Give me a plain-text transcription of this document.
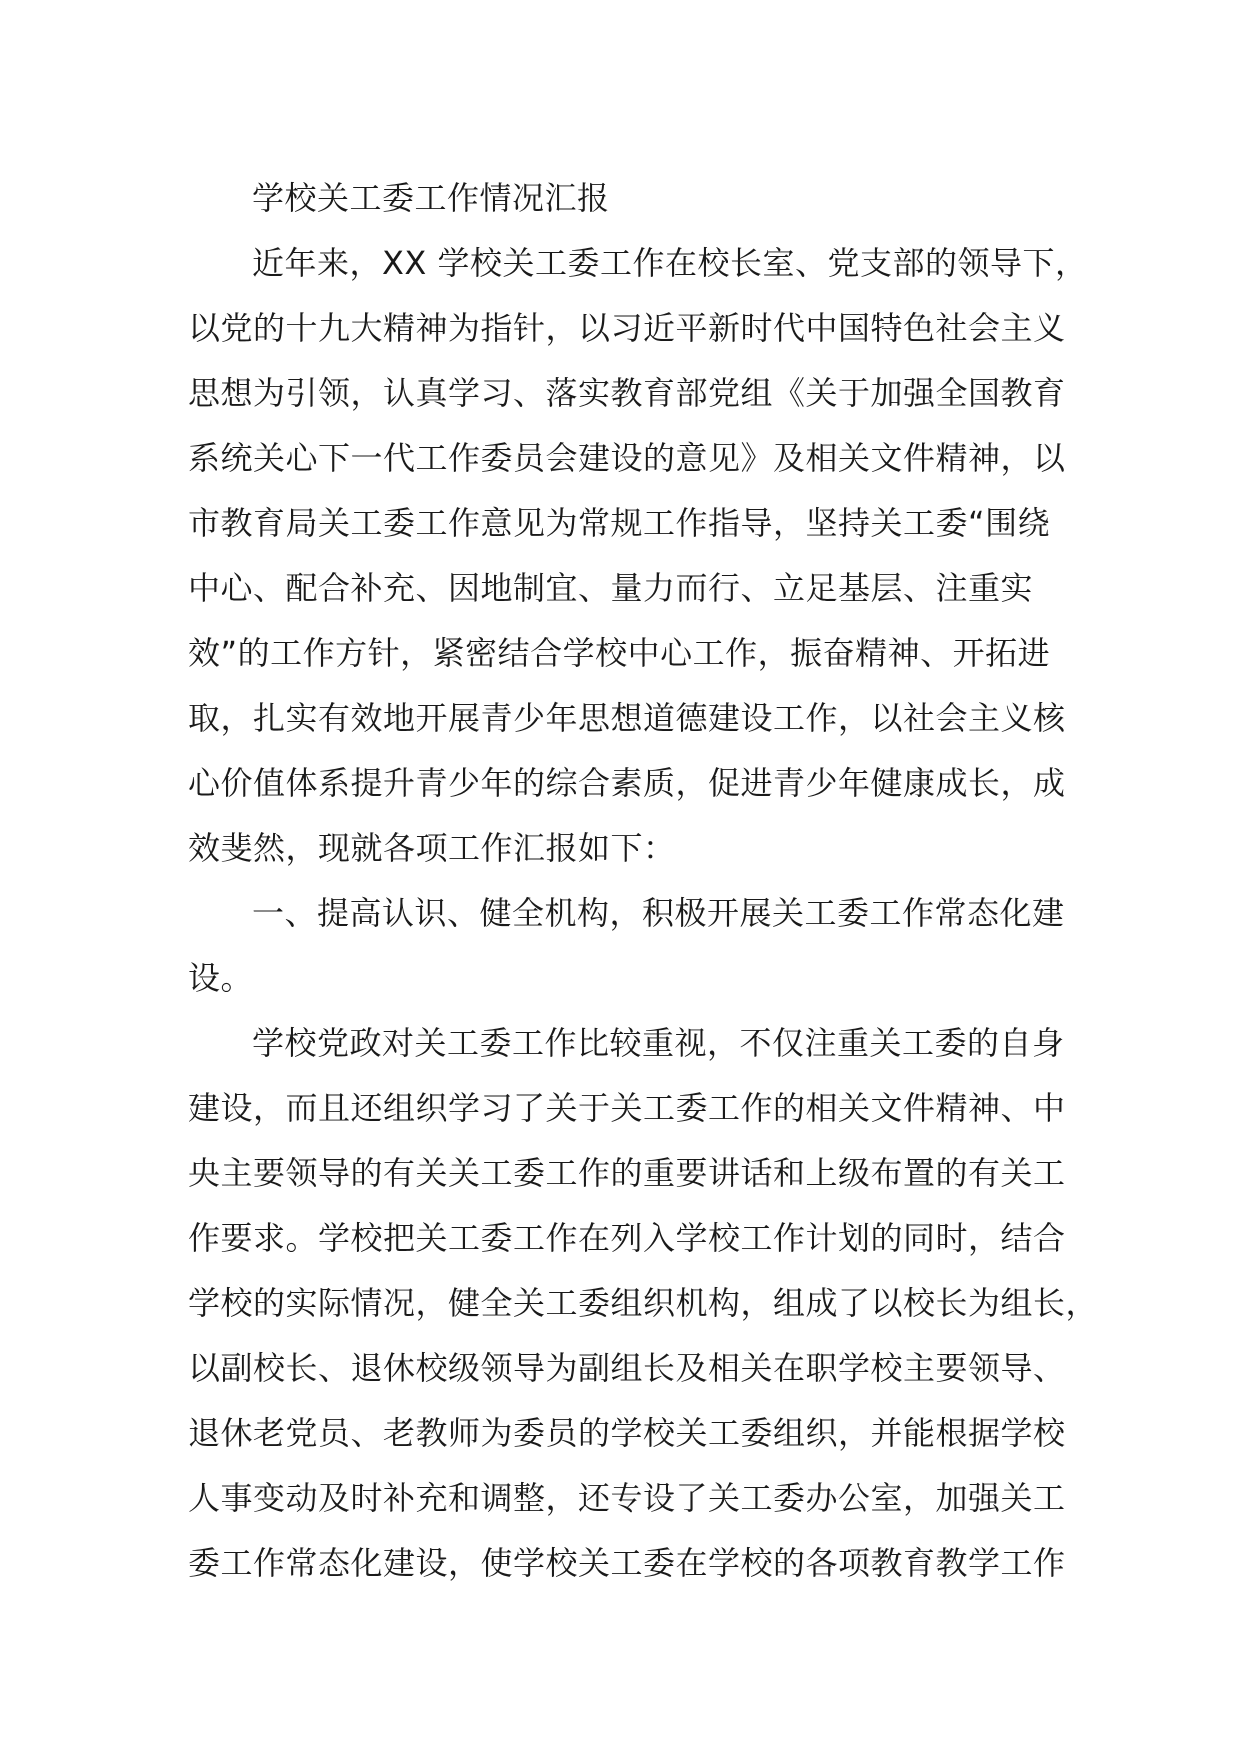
学校关工委工作情况汇报
近年来，XX 学校关工委工作在校长室、党支部的领导下，
以党的十九大精神为指针，以习近平新时代中国特色社会主义
思想为引领，认真学习、落实教育部党组《关于加强全国教育
系统关心下一代工作委员会建设的意见》及相关文件精神，以
市教育局关工委工作意见为常规工作指导，坚持关工委“围绕
中心、配合补充、因地制宜、量力而行、立足基层、注重实
效”的工作方针，紧密结合学校中心工作，振奋精神、开拓进
取，扎实有效地开展青少年思想道德建设工作，以社会主义核
心价值体系提升青少年的综合素质，促进青少年健康成长，成
效斐然，现就各项工作汇报如下：
一、提高认识、健全机构，积极开展关工委工作常态化建
设。
学校党政对关工委工作比较重视，不仅注重关工委的自身
建设，而且还组织学习了关于关工委工作的相关文件精神、中
央主要领导的有关关工委工作的重要讲话和上级布置的有关工
作要求。学校把关工委工作在列入学校工作计划的同时，结合
学校的实际情况，健全关工委组织机构，组成了以校长为组长，
以副校长、退休校级领导为副组长及相关在职学校主要领导、
退休老党员、老教师为委员的学校关工委组织，并能根据学校
人事变动及时补充和调整，还专设了关工委办公室，加强关工
委工作常态化建设，使学校关工委在学校的各项教育教学工作
